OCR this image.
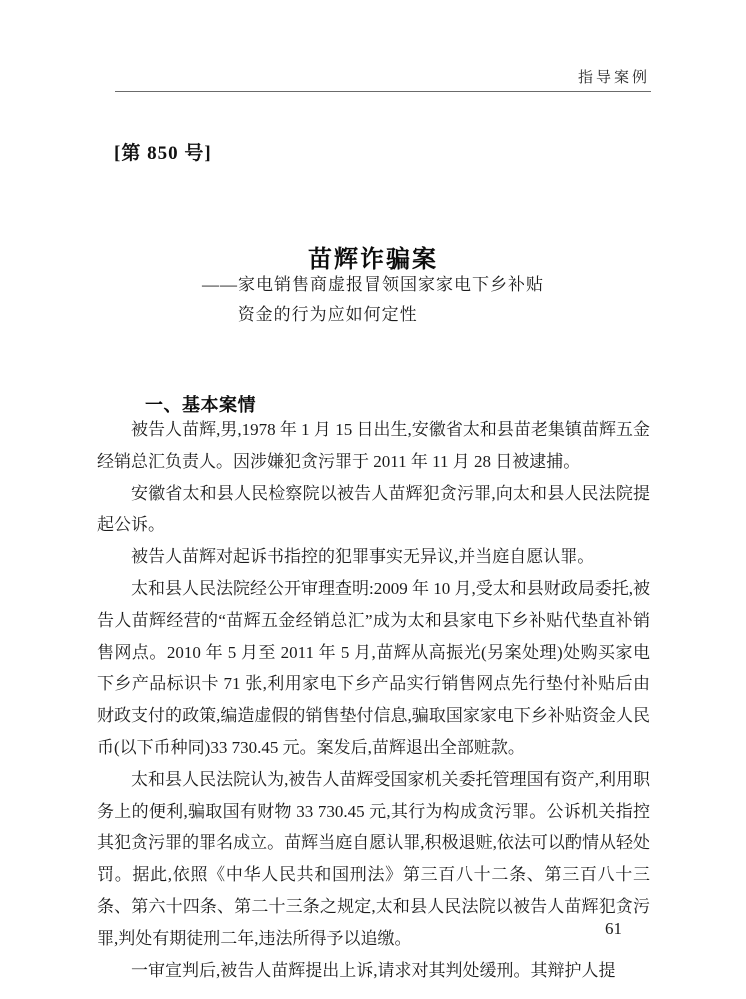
指导案例
[第 850 号]
苗辉诈骗案
——家电销售商虚报冒领国家家电下乡补贴
资金的行为应如何定性
一、基本案情

被告人苗辉,男,1978 年 1 月 15 日出生,安徽省太和县苗老集镇苗辉五金经销总汇负责人。因涉嫌犯贪污罪于 2011 年 11 月 28 日被逮捕。

安徽省太和县人民检察院以被告人苗辉犯贪污罪,向太和县人民法院提起公诉。

被告人苗辉对起诉书指控的犯罪事实无异议,并当庭自愿认罪。

太和县人民法院经公开审理查明:2009 年 10 月,受太和县财政局委托,被告人苗辉经营的“苗辉五金经销总汇”成为太和县家电下乡补贴代垫直补销售网点。2010 年 5 月至 2011 年 5 月,苗辉从高振光(另案处理)处购买家电下乡产品标识卡 71 张,利用家电下乡产品实行销售网点先行垫付补贴后由财政支付的政策,编造虚假的销售垫付信息,骗取国家家电下乡补贴资金人民币(以下币种同)33 730.45 元。案发后,苗辉退出全部赃款。

太和县人民法院认为,被告人苗辉受国家机关委托管理国有资产,利用职务上的便利,骗取国有财物 33 730.45 元,其行为构成贪污罪。公诉机关指控其犯贪污罪的罪名成立。苗辉当庭自愿认罪,积极退赃,依法可以酌情从轻处罚。据此,依照《中华人民共和国刑法》第三百八十二条、第三百八十三条、第六十四条、第二十三条之规定,太和县人民法院以被告人苗辉犯贪污罪,判处有期徒刑二年,违法所得予以追缴。

一审宣判后,被告人苗辉提出上诉,请求对其判处缓刑。其辩护人提

61
